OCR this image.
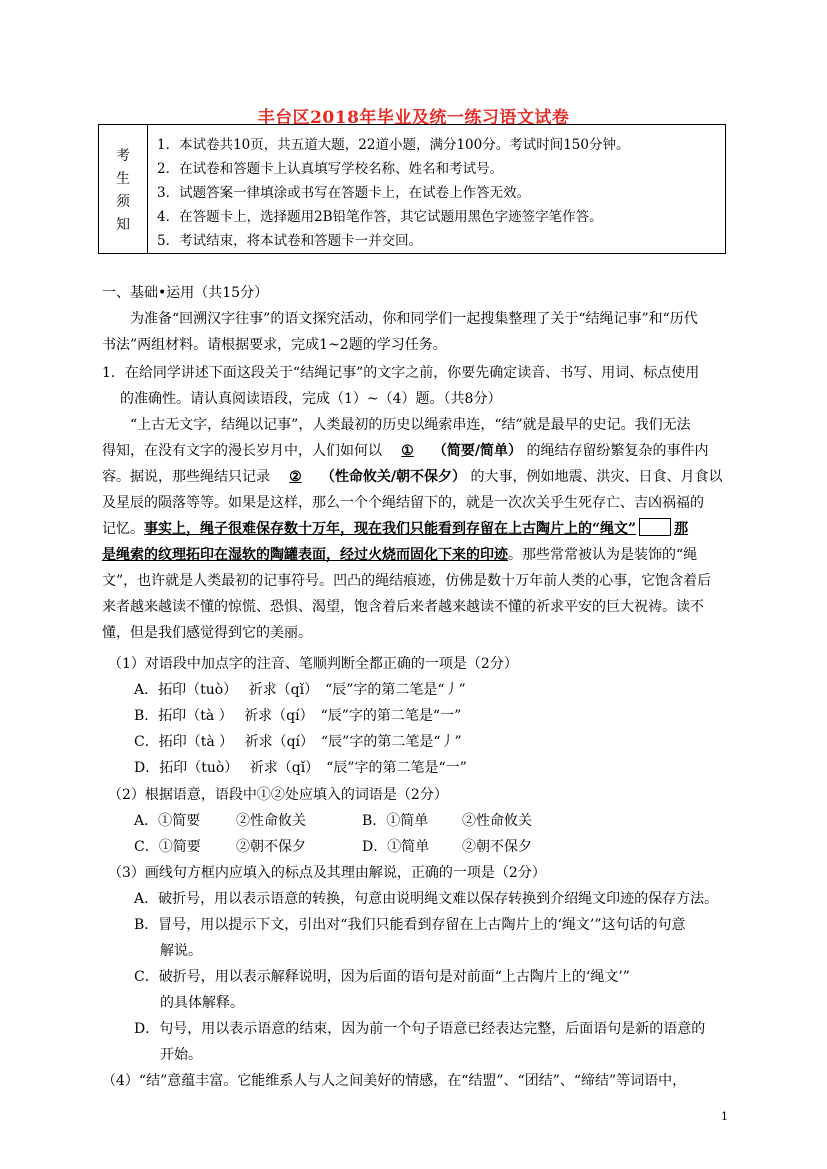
丰台区2018年毕业及统一练习语文试卷
考
生
须
知
1．本试卷共10页，共五道大题，22道小题，满分100分。考试时间150分钟。
2．在试卷和答题卡上认真填写学校名称、姓名和考试号。
3．试题答案一律填涂或书写在答题卡上，在试卷上作答无效。
4．在答题卡上，选择题用2B铅笔作答，其它试题用黑色字迹签字笔作答。
5．考试结束，将本试卷和答题卡一并交回。
一、基础•运用（共15分）
为准备“回溯汉字往事”的语文探究活动，你和同学们一起搜集整理了关于“结绳记事”和“历代
书法”两组材料。请根据要求，完成1~2题的学习任务。
1．在给同学讲述下面这段关于“结绳记事”的文字之前，你要先确定读音、书写、用词、标点使用
的准确性。请认真阅读语段，完成（1）~（4）题。（共8分）
“上古无文字，结绳以记事”，人类最初的历史以绳索串连，“结”就是最早的史记。我们无法
得知，在没有文字的漫长岁月中，人们如何以 ① （简要/简单） 的绳结存留纷繁复杂的事件内
容。据说，那些绳结只记录 ② （性命攸关/朝不保夕） 的大事，例如地震、洪灾、日食、月食以
及星辰的陨落等等。如果是这样，那么一个个绳结留下的，就是一次次关乎生死存亡、吉凶祸福的
记忆。事实上，绳子很难保存数十万年，现在我们只能看到存留在上古陶片上的“绳文”	那
是绳索的纹理拓印在湿软的陶罐表面，经过火烧而固化下来的印迹。那些常常被认为是装饰的“绳
文”，也许就是人类最初的记事符号。凹凸的绳结痕迹，仿佛是数十万年前人类的心事，它饱含着后
来者越来越读不懂的惊慌、恐惧、渴望，饱含着后来者越来越读不懂的祈求平安的巨大祝祷。读不
懂，但是我们感觉得到它的美丽。
（1）对语段中加点字的注音、笔顺判断全都正确的一项是（2分）
A．拓印（tuò）　 祈求（qǐ）　“辰”字的第二笔是“丿”
B．拓印（tà ）　 祈求（qí）　“辰”字的第二笔是“一”
C．拓印（tà ）　 祈求（qí）　“辰”字的第二笔是“丿”
D．拓印（tuò）　 祈求（qǐ）　“辰”字的第二笔是“一”
（2）根据语意，语段中①②处应填入的词语是（2分）
A．①简要	②性命攸关	B．①简单 ②性命攸关
C．①简要	②朝不保夕	D．①简单 ②朝不保夕
（3）画线句方框内应填入的标点及其理由解说，正确的一项是（2分）
A．破折号，用以表示语意的转换，句意由说明绳文难以保存转换到介绍绳文印迹的保存方法。
B．冒号，用以提示下文，引出对“我们只能看到存留在上古陶片上的‘绳文’”这句话的句意
解说。
C．破折号，用以表示解释说明，因为后面的语句是对前面“上古陶片上的‘绳文’”
的具体解释。
D．句号，用以表示语意的结束，因为前一个句子语意已经表达完整，后面语句是新的语意的
开始。
（4）“结”意蕴丰富。它能维系人与人之间美好的情感，在“结盟”、“团结”、“缔结”等词语中，
1
